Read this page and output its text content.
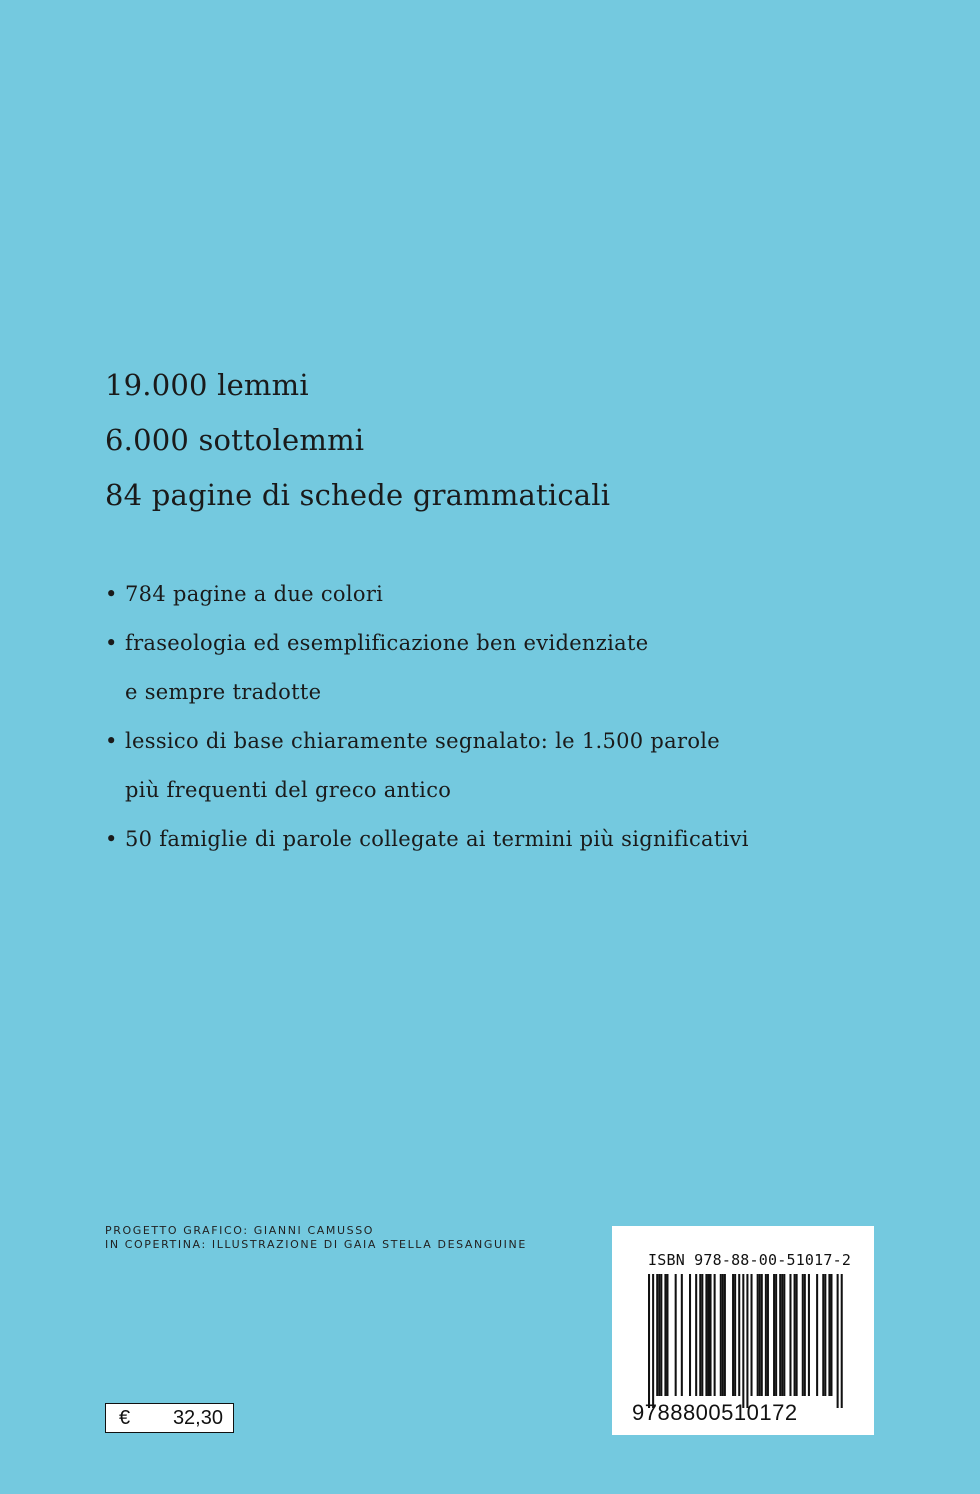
19.000 lemmi
6.000 sottolemmi
84 pagine di schede grammaticali
• 784 pagine a due colori
• fraseologia ed esemplificazione ben evidenziate
e sempre tradotte
• lessico di base chiaramente segnalato: le 1.500 parole
più frequenti del greco antico
• 50 famiglie di parole collegate ai termini più significativi
PROGETTO GRAFICO: GIANNI CAMUSSO
IN COPERTINA: ILLUSTRAZIONE DI GAIA STELLA DESANGUINE
€ 32,30
ISBN 978-88-00-51017-2
9788800510172
